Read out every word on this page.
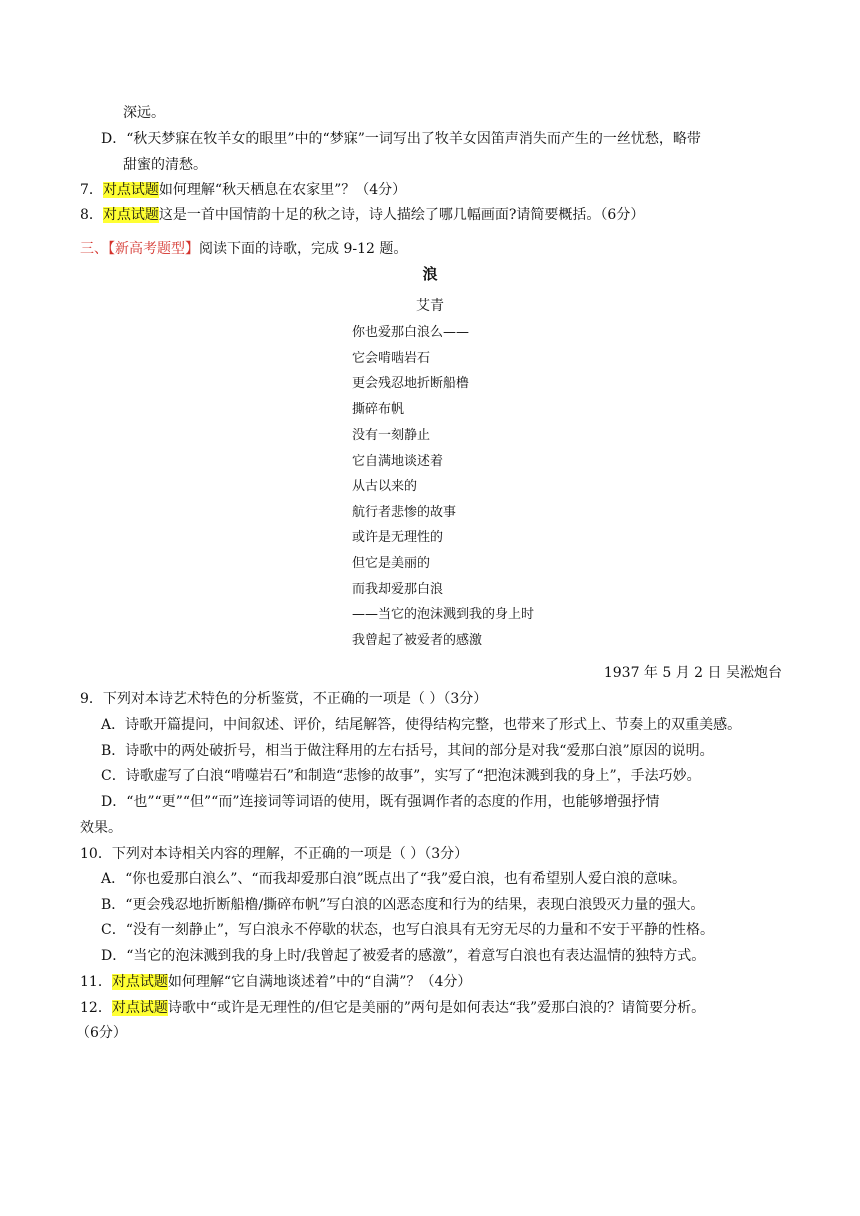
深远。
D．“秋天梦寐在牧羊女的眼里”中的“梦寐”一词写出了牧羊女因笛声消失而产生的一丝忧愁，略带
甜蜜的清愁。
7．对点试题如何理解“秋天栖息在农家里”？（4分）
8．对点试题这是一首中国情韵十足的秋之诗，诗人描绘了哪几幅画面?请简要概括。（6分）
三、【新高考题型】阅读下面的诗歌，完成 9-12 题。
浪
艾青
你也爱那白浪么——
它会啃啮岩石
更会残忍地折断船橹
撕碎布帆
没有一刻静止
它自满地谈述着
从古以来的
航行者悲惨的故事
或许是无理性的
但它是美丽的
而我却爱那白浪
——当它的泡沫溅到我的身上时
我曾起了被爱者的感激
1937 年 5 月 2 日 吴淞炮台
9．下列对本诗艺术特色的分析鉴赏，不正确的一项是（ ）（3分）
A．诗歌开篇提问，中间叙述、评价，结尾解答，使得结构完整，也带来了形式上、节奏上的双重美感。
B．诗歌中的两处破折号，相当于做注释用的左右括号，其间的部分是对我“爱那白浪”原因的说明。
C．诗歌虚写了白浪“啃噬岩石”和制造“悲惨的故事”，实写了“把泡沫溅到我的身上”，手法巧妙。
D．“也”“更”“但”“而”连接词等词语的使用，既有强调作者的态度的作用，也能够增强抒情
效果。
10．下列对本诗相关内容的理解，不正确的一项是（ ）（3分）
A．“你也爱那白浪么”、“而我却爱那白浪”既点出了“我”爱白浪，也有希望别人爱白浪的意味。
B．“更会残忍地折断船橹/撕碎布帆”写白浪的凶恶态度和行为的结果，表现白浪毁灭力量的强大。
C．“没有一刻静止”，写白浪永不停歇的状态，也写白浪具有无穷无尽的力量和不安于平静的性格。
D．“当它的泡沫溅到我的身上时/我曾起了被爱者的感激”，着意写白浪也有表达温情的独特方式。
11．对点试题如何理解“它自满地谈述着”中的“自满”？（4分）
12．对点试题诗歌中“或许是无理性的/但它是美丽的”两句是如何表达“我”爱那白浪的？请简要分析。
（6分）
